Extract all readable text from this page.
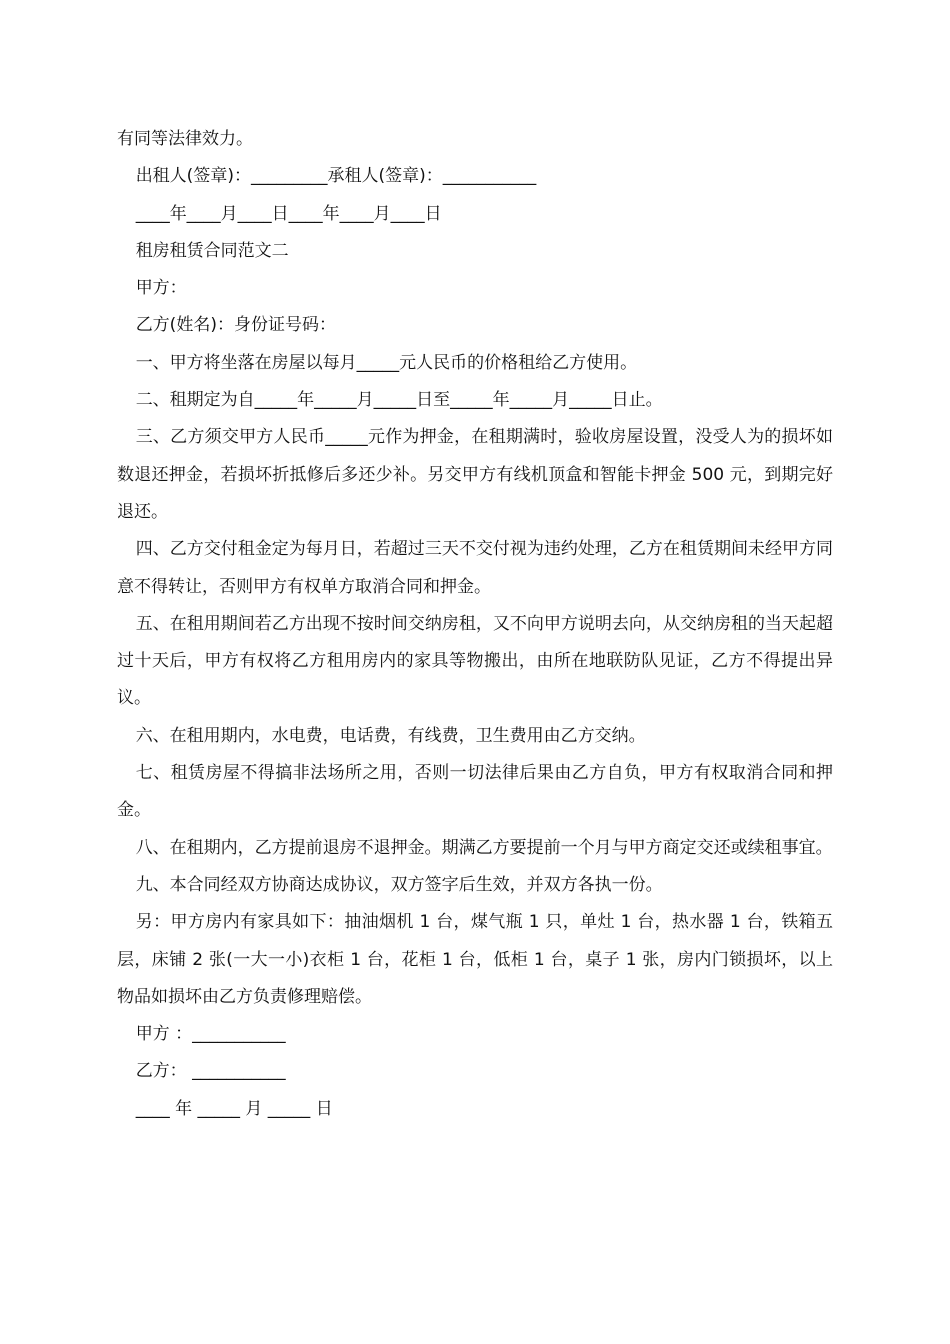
有同等法律效力。

出租人(签章)：_________承租人(签章)：___________

____年____月____日____年____月____日

租房租赁合同范文二

甲方：

乙方(姓名)：身份证号码：

一、甲方将坐落在房屋以每月_____元人民币的价格租给乙方使用。

二、租期定为自_____年_____月_____日至_____年_____月_____日止。

三、乙方须交甲方人民币_____元作为押金，在租期满时，验收房屋设置，没受人为的损坏如数退还押金，若损坏折抵修后多还少补。另交甲方有线机顶盒和智能卡押金 500 元，到期完好退还。

四、乙方交付租金定为每月日，若超过三天不交付视为违约处理，乙方在租赁期间未经甲方同意不得转让，否则甲方有权单方取消合同和押金。

五、在租用期间若乙方出现不按时间交纳房租，又不向甲方说明去向，从交纳房租的当天起超过十天后，甲方有权将乙方租用房内的家具等物搬出，由所在地联防队见证，乙方不得提出异议。

六、在租用期内，水电费，电话费，有线费，卫生费用由乙方交纳。

七、租赁房屋不得搞非法场所之用，否则一切法律后果由乙方自负，甲方有权取消合同和押金。

八、在租期内，乙方提前退房不退押金。期满乙方要提前一个月与甲方商定交还或续租事宜。

九、本合同经双方协商达成协议，双方签字后生效，并双方各执一份。

另：甲方房内有家具如下：抽油烟机 1 台，煤气瓶 1 只，单灶 1 台，热水器 1 台，铁箱五层，床铺 2 张(一大一小)衣柜 1 台，花柜 1 台，低柜 1 台，桌子 1 张，房内门锁损坏，以上物品如损坏由乙方负责修理赔偿。

甲方 ：___________

乙方： ___________

____ 年 _____ 月 _____ 日
